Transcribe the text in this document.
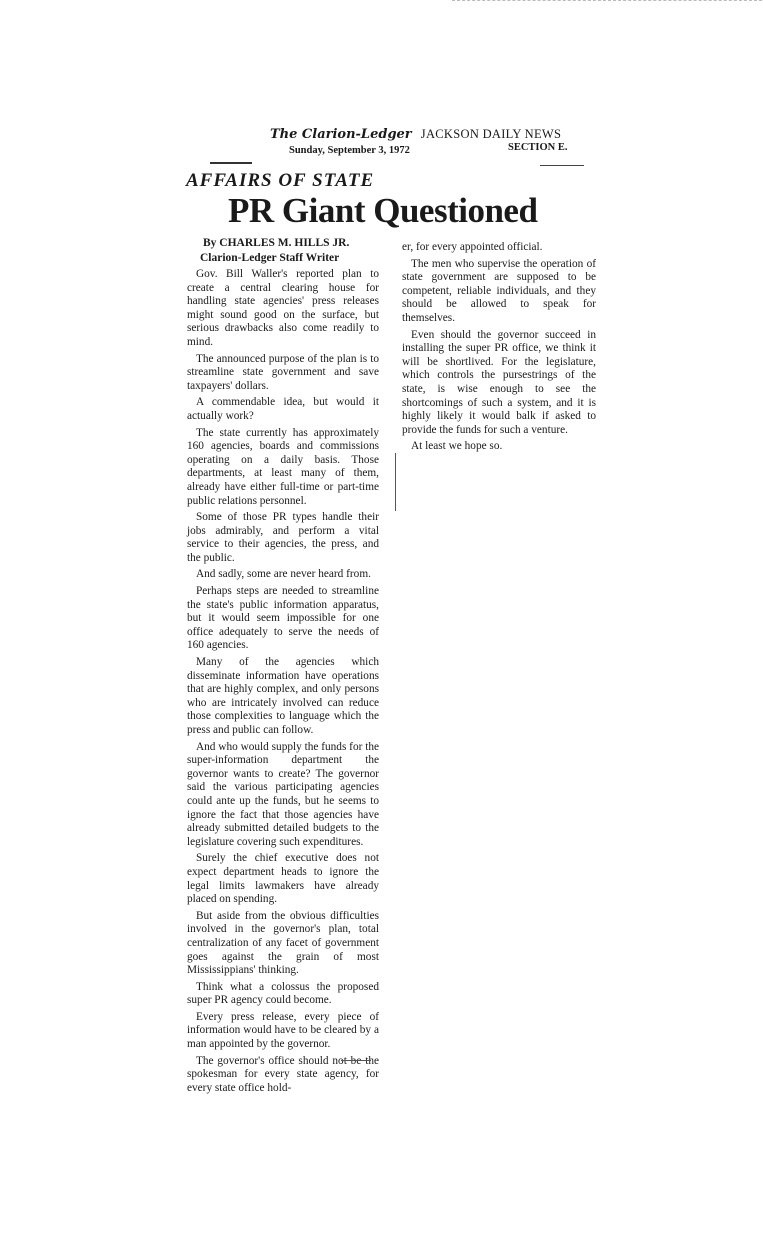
The Clarion-Ledger JACKSON DAILY NEWS
Sunday, September 3, 1972	SECTION E.
AFFAIRS OF STATE
PR Giant Questioned
By CHARLES M. HILLS JR.
Clarion-Ledger Staff Writer

Gov. Bill Waller's reported plan to create a central clearing house for handling state agencies' press releases might sound good on the surface, but serious drawbacks also come readily to mind.

The announced purpose of the plan is to streamline state government and save taxpayers' dollars.

A commendable idea, but would it actually work?

The state currently has approximately 160 agencies, boards and commissions operating on a daily basis. Those departments, at least many of them, already have either full-time or part-time public relations personnel.

Some of those PR types handle their jobs admirably, and perform a vital service to their agencies, the press, and the public.

And sadly, some are never heard from.

Perhaps steps are needed to streamline the state's public information apparatus, but it would seem impossible for one office adequately to serve the needs of 160 agencies.

Many of the agencies which disseminate information have operations that are highly complex, and only persons who are intricately involved can reduce those complexities to language which the press and public can follow.

And who would supply the funds for the super-information department the governor wants to create? The governor said the various participating agencies could ante up the funds, but he seems to ignore the fact that those agencies have already submitted detailed budgets to the legislature covering such expenditures.

Surely the chief executive does not expect department heads to ignore the legal limits lawmakers have already placed on spending.

But aside from the obvious difficulties involved in the governor's plan, total centralization of any facet of government goes against the grain of most Mississippians' thinking.

Think what a colossus the proposed super PR agency could become.

Every press release, every piece of information would have to be cleared by a man appointed by the governor.

The governor's office should not be the spokesman for every state agency, for every state office hold-

er, for every appointed official.

The men who supervise the operation of state government are supposed to be competent, reliable individuals, and they should be allowed to speak for themselves.

Even should the governor succeed in installing the super PR office, we think it will be shortlived. For the legislature, which controls the pursestrings of the state, is wise enough to see the shortcomings of such a system, and it is highly likely it would balk if asked to provide the funds for such a venture.

At least we hope so.
